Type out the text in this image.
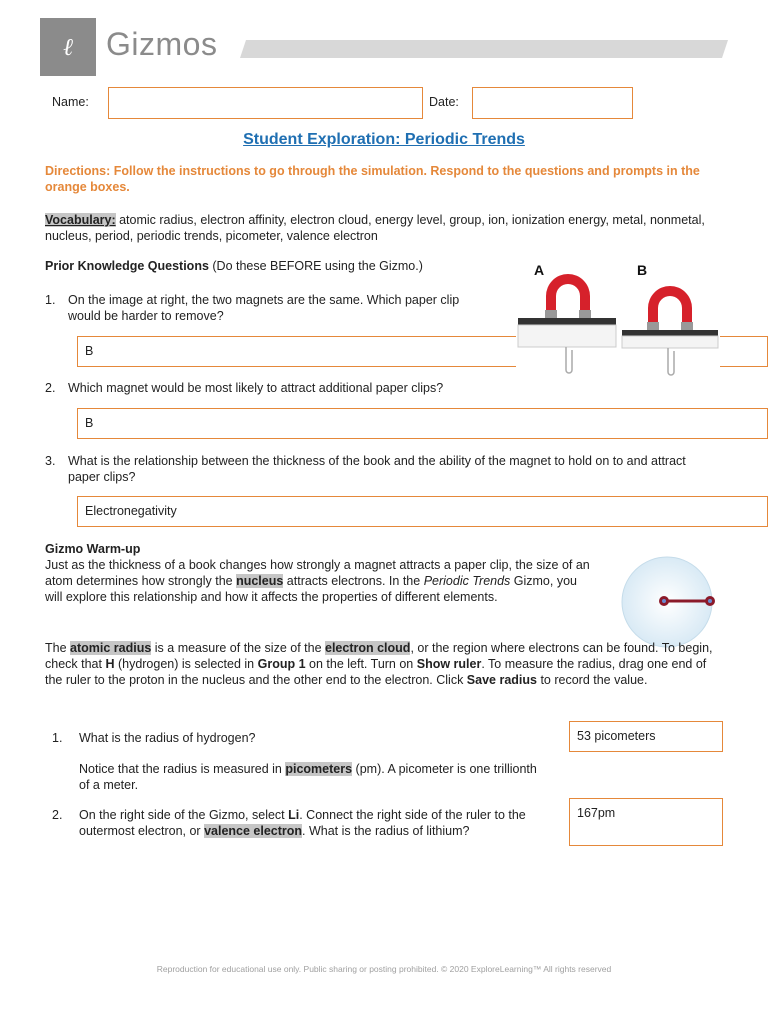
ℓ Gizmos
Name:	Date:
Student Exploration: Periodic Trends
Directions: Follow the instructions to go through the simulation. Respond to the questions and prompts in the orange boxes.
Vocabulary: atomic radius, electron affinity, electron cloud, energy level, group, ion, ionization energy, metal, nonmetal, nucleus, period, periodic trends, picometer, valence electron
Prior Knowledge Questions (Do these BEFORE using the Gizmo.)
1. On the image at right, the two magnets are the same. Which paper clip would be harder to remove?
B
A	B
2. Which magnet would be most likely to attract additional paper clips?
B
3. What is the relationship between the thickness of the book and the ability of the magnet to hold on to and attract paper clips?
Electronegativity
Gizmo Warm-up
Just as the thickness of a book changes how strongly a magnet attracts a paper clip, the size of an atom determines how strongly the nucleus attracts electrons. In the Periodic Trends Gizmo, you will explore this relationship and how it affects the properties of different elements.
The atomic radius is a measure of the size of the electron cloud, or the region where electrons can be found. To begin, check that H (hydrogen) is selected in Group 1 on the left. Turn on Show ruler. To measure the radius, drag one end of the ruler to the proton in the nucleus and the other end to the electron. Click Save radius to record the value.
1. What is the radius of hydrogen?	53 picometers
Notice that the radius is measured in picometers (pm). A picometer is one trillionth of a meter.
2. On the right side of the Gizmo, select Li. Connect the right side of the ruler to the outermost electron, or valence electron. What is the radius of lithium?
167pm
Reproduction for educational use only. Public sharing or posting prohibited. © 2020 ExploreLearning™ All rights reserved
